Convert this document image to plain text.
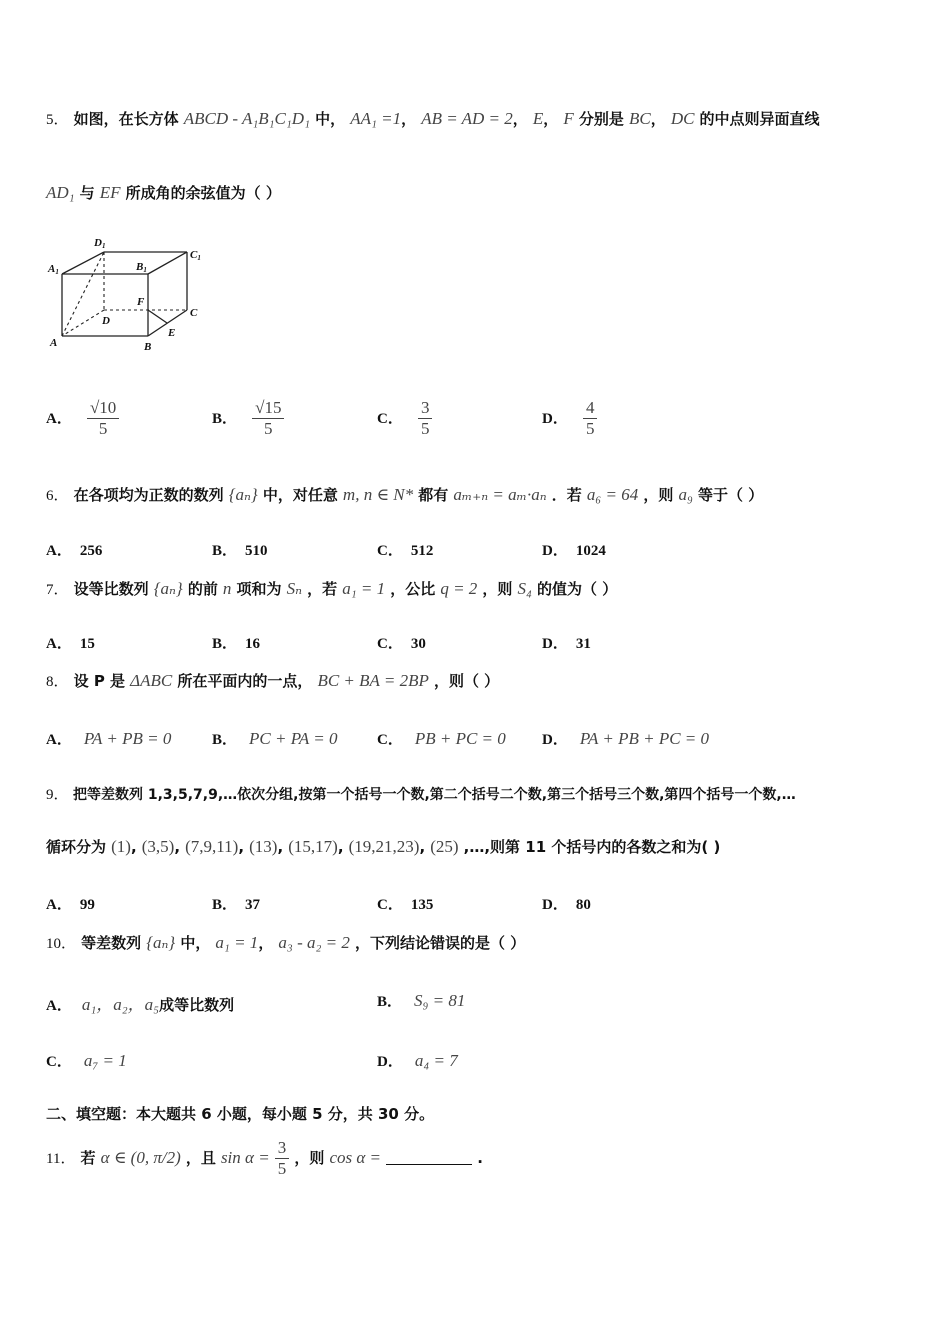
5． 如图，在长方体 ABCD - A₁B₁C₁D₁ 中， AA₁ =1， AB = AD = 2， E， F 分别是 BC， DC 的中点则异面直线
AD₁ 与 EF 所成角的余弦值为（ ）
A1	B1
C1
D1
A	B
C
D
E
F
A． $\frac{√10}{5}$	B． $\frac{√15}{5}$	C． $\frac{3}{5}$	D． $\frac{4}{5}$
6． 在各项均为正数的数列 {aₙ} 中，对任意 m, n ∈ N* 都有 aₘ₊ₙ = aₘ·aₙ ．若 a₆ = 64 ，则 a₉ 等于（ ）
A． 256	B． 510	C． 512	D． 1024
7． 设等比数列 {aₙ} 的前 n 项和为 Sₙ ，若 a₁ = 1 ，公比 q = 2 ，则 S₄ 的值为（ ）
A． 15	B． 16	C． 30	D． 31
8． 设 P 是 ΔABC 所在平面内的一点， BC + BA = 2BP ，则（ ）
A． PA + PB = 0	B． PC + PA = 0	C． PB + PC = 0 D． PA + PB + PC = 0
9． 把等差数列 1,3,5,7,9,…依次分组,按第一个括号一个数,第二个括号二个数,第三个括号三个数,第四个括号一个数,…
循环分为 (1), (3,5), (7,9,11), (13), (15,17), (19,21,23), (25) ,…,则第 11 个括号内的各数之和为( )
A． 99	B． 37	C． 135	D． 80
10． 等差数列 {aₙ} 中， a₁ = 1， a₃ - a₂ = 2 ，下列结论错误的是（ ）
A． a₁，a₂，a₅成等比数列	B． S₉ = 81
C． a₇ = 1	D． a₄ = 7
二、填空题：本大题共 6 小题，每小题 5 分，共 30 分。
11． 若 α ∈ (0, π/2) ，且 $\sin \alpha = \frac{3}{5}$ ，则 cos α =	.
